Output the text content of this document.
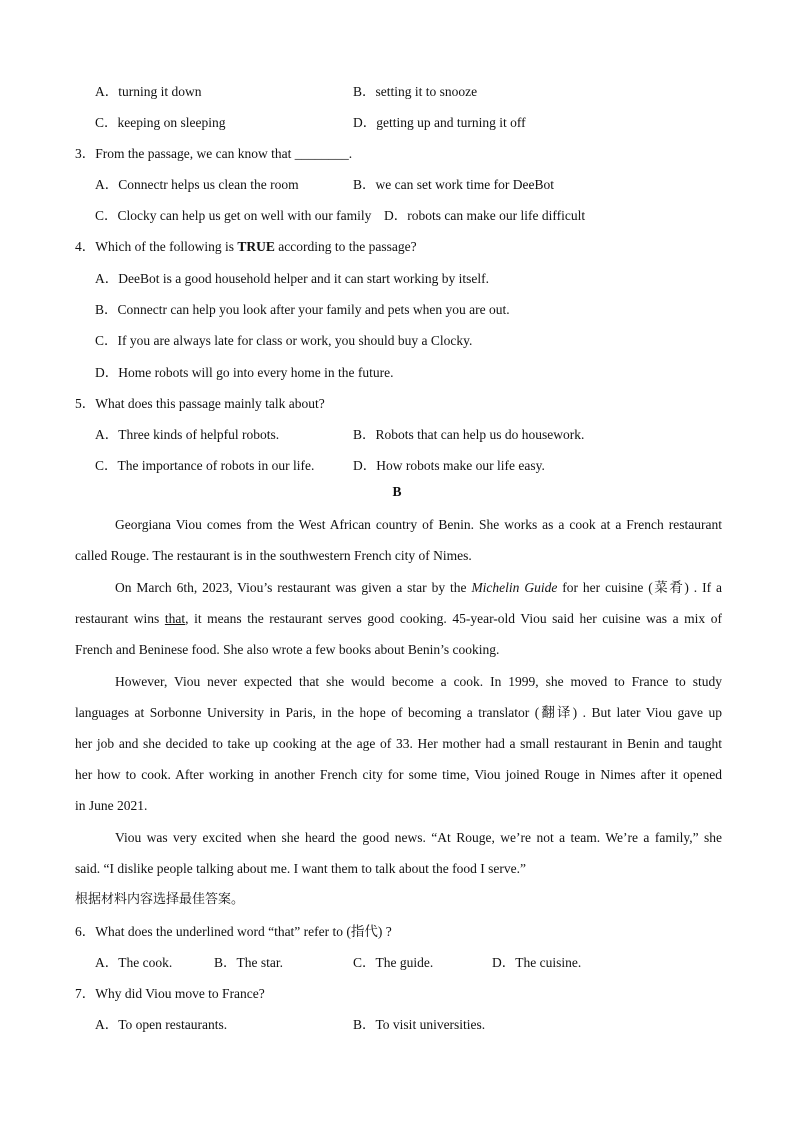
A．turning it down	B．setting it to snooze
C．keeping on sleeping	D．getting up and turning it off
3．From the passage, we can know that ________.
A．Connectr helps us clean the room	B．we can set work time for DeeBot
C．Clocky can help us get on well with our family D．robots can make our life difficult
4．Which of the following is TRUE according to the passage?
A．DeeBot is a good household helper and it can start working by itself.
B．Connectr can help you look after your family and pets when you are out.
C．If you are always late for class or work, you should buy a Clocky.
D．Home robots will go into every home in the future.
5．What does this passage mainly talk about?
A．Three kinds of helpful robots.	B．Robots that can help us do housework.
C．The importance of robots in our life.	D．How robots make our life easy.
B
Georgiana Viou comes from the West African country of Benin. She works as a cook at a French restaurant
called Rouge. The restaurant is in the southwestern French city of Nimes.
On March 6th, 2023, Viou’s restaurant was given a star by the Michelin Guide for her cuisine (菜肴) . If a
restaurant wins that, it means the restaurant serves good cooking. 45-year-old Viou said her cuisine was a mix of
French and Beninese food. She also wrote a few books about Benin’s cooking.
However, Viou never expected that she would become a cook. In 1999, she moved to France to study
languages at Sorbonne University in Paris, in the hope of becoming a translator (翻译) . But later Viou gave up
her job and she decided to take up cooking at the age of 33. Her mother had a small restaurant in Benin and taught
her how to cook. After working in another French city for some time, Viou joined Rouge in Nimes after it opened
in June 2021.
Viou was very excited when she heard the good news. “At Rouge, we’re not a team. We’re a family,” she
said. “I dislike people talking about me. I want them to talk about the food I serve.”
根据材料内容选择最佳答案。
6．What does the underlined word “that” refer to (指代) ?
A．The cook.	B．The star.	C．The guide.	D．The cuisine.
7．Why did Viou move to France?
A．To open restaurants.	B．To visit universities.
